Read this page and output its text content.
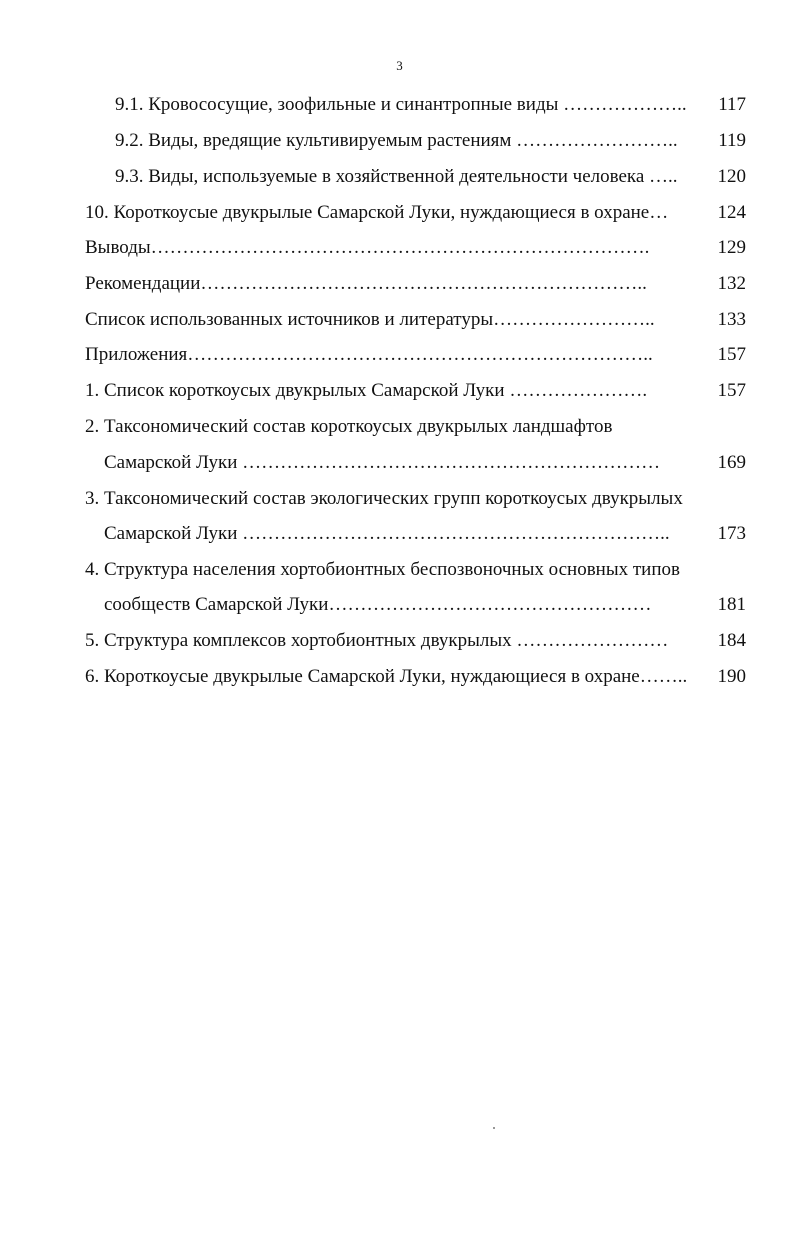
3
9.1. Кровососущие, зоофильные и синантропные виды ……………….. 117
9.2. Виды, вредящие культивируемым растениям …………………….. 119
9.3. Виды, используемые в хозяйственной деятельности человека ….. 120
10. Короткоусые двукрылые Самарской Луки, нуждающиеся в охране…	124
Выводы…………………………………………………………………….	129
Рекомендации……………………………………………………………..	132
Список использованных источников и литературы……………………..	133
Приложения………………………………………………………………..	157
1. Список короткоусых двукрылых Самарской Луки ………………….	157
2. Таксономический состав короткоусых двукрылых ландшафтов
Самарской Луки …………………………………………………………	169
3. Таксономический состав экологических групп короткоусых двукрылых
Самарской Луки …………………………………………………………..	173
4. Структура населения хортобионтных беспозвоночных основных типов
сообществ Самарской Луки……………………………………………	181
5. Структура комплексов хортобионтных двукрылых ……………………	184
6. Короткоусые двукрылые Самарской Луки, нуждающиеся в охране…….. 190
